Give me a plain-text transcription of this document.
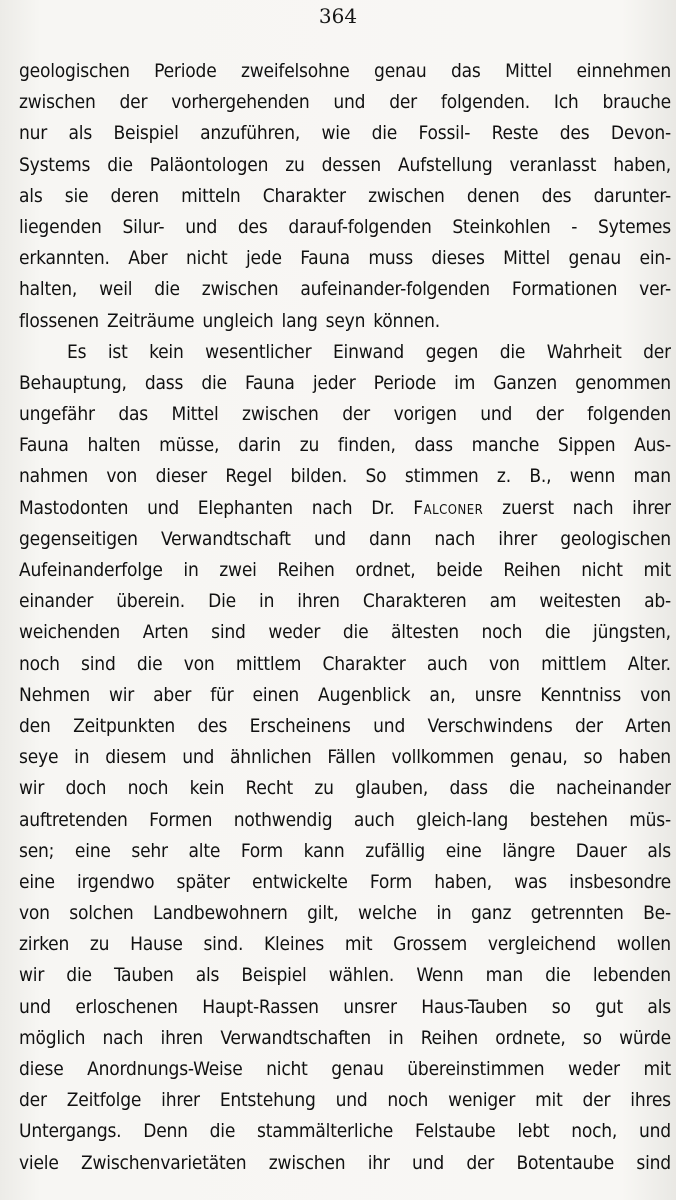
364
geologischen Periode zweifelsohne genau das Mittel einnehmen
zwischen der vorhergehenden und der folgenden. Ich brauche
nur als Beispiel anzuführen, wie die Fossil- Reste des Devon-
Systems die Paläontologen zu dessen Aufstellung veranlasst haben,
als sie deren mitteln Charakter zwischen denen des darunter-
liegenden Silur- und des darauf-folgenden Steinkohlen - Sytemes
erkannten. Aber nicht jede Fauna muss dieses Mittel genau ein-
halten, weil die zwischen aufeinander-folgenden Formationen ver-
flossenen Zeiträume ungleich lang seyn können.
Es ist kein wesentlicher Einwand gegen die Wahrheit der
Behauptung, dass die Fauna jeder Periode im Ganzen genommen
ungefähr das Mittel zwischen der vorigen und der folgenden
Fauna halten müsse, darin zu finden, dass manche Sippen Aus-
nahmen von dieser Regel bilden. So stimmen z. B., wenn man
Mastodonten und Elephanten nach Dr. Falconer zuerst nach ihrer
gegenseitigen Verwandtschaft und dann nach ihrer geologischen
Aufeinanderfolge in zwei Reihen ordnet, beide Reihen nicht mit
einander überein. Die in ihren Charakteren am weitesten ab-
weichenden Arten sind weder die ältesten noch die jüngsten,
noch sind die von mittlem Charakter auch von mittlem Alter.
Nehmen wir aber für einen Augenblick an, unsre Kenntniss von
den Zeitpunkten des Erscheinens und Verschwindens der Arten
seye in diesem und ähnlichen Fällen vollkommen genau, so haben
wir doch noch kein Recht zu glauben, dass die nacheinander
auftretenden Formen nothwendig auch gleich-lang bestehen müs-
sen; eine sehr alte Form kann zufällig eine längre Dauer als
eine irgendwo später entwickelte Form haben, was insbesondre
von solchen Landbewohnern gilt, welche in ganz getrennten Be-
zirken zu Hause sind. Kleines mit Grossem vergleichend wollen
wir die Tauben als Beispiel wählen. Wenn man die lebenden
und erloschenen Haupt-Rassen unsrer Haus-Tauben so gut als
möglich nach ihren Verwandtschaften in Reihen ordnete, so würde
diese Anordnungs-Weise nicht genau übereinstimmen weder mit
der Zeitfolge ihrer Entstehung und noch weniger mit der ihres
Untergangs. Denn die stammälterliche Felstaube lebt noch, und
viele Zwischenvarietäten zwischen ihr und der Botentaube sind
